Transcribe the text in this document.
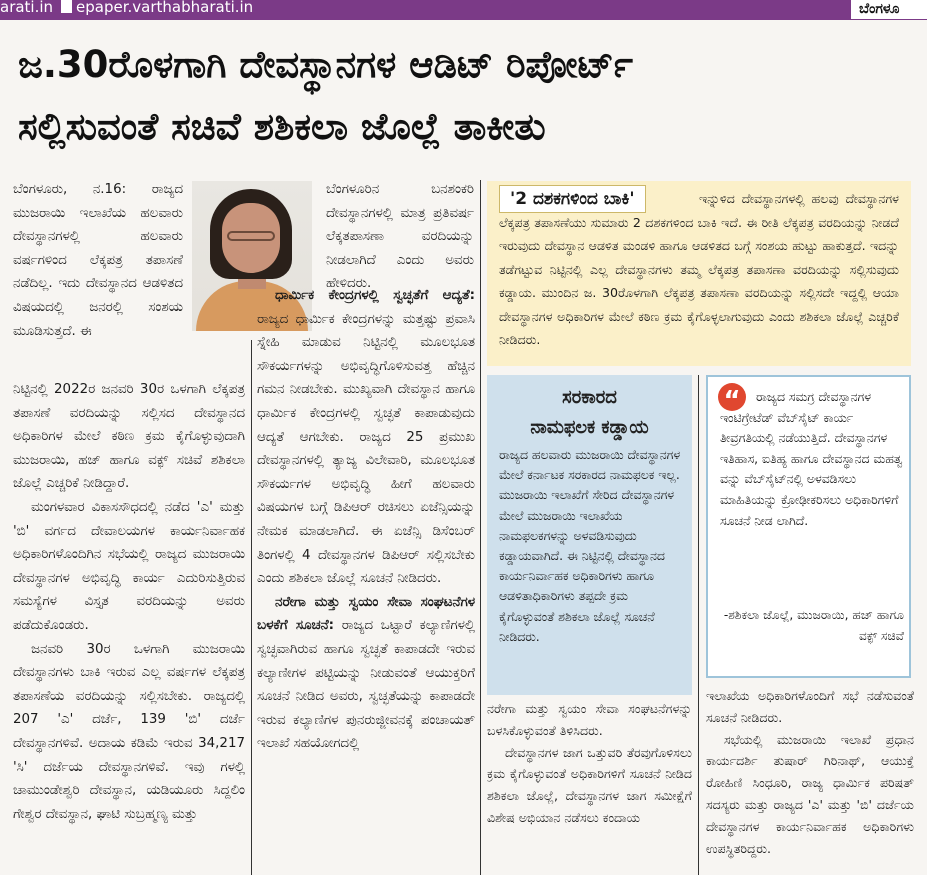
arati.in epaper.varthabharati.in	ಬೆಂಗಳೂ
ಜ.30ರೊಳಗಾಗಿ ದೇವಸ್ಥಾನಗಳ ಆಡಿಟ್ ರಿಪೋರ್ಟ್
ಸಲ್ಲಿಸುವಂತೆ ಸಚಿವೆ ಶಶಿಕಲಾ ಜೊಲ್ಲೆ ತಾಕೀತು

ಬೆಂಗಳೂರು, ನ.16: ರಾಜ್ಯದ ಮುಜರಾಯಿ ಇಲಾಖೆಯ ಹಲವಾರು ದೇವಸ್ಥಾನಗಳಲ್ಲಿ ಹಲವಾರು ವರ್ಷಗಳಿಂದ ಲೆಕ್ಕಪತ್ರ ತಪಾಸಣೆ ನಡೆದಿಲ್ಲ. ಇದು ದೇವಸ್ಥಾನದ ಆಡಳಿತದ ವಿಷಯದಲ್ಲಿ ಜನರಲ್ಲಿ ಸಂಶಯ ಮೂಡಿಸುತ್ತದೆ. ಈ

ನಿಟ್ಟಿನಲ್ಲಿ 2022ರ ಜನವರಿ 30ರ ಒಳಗಾಗಿ ಲೆಕ್ಕಪತ್ರ ತಪಾಸಣೆ ವರದಿಯನ್ನು ಸಲ್ಲಿಸದ ದೇವಸ್ಥಾನದ ಅಧಿಕಾರಿಗಳ ಮೇಲೆ ಕಠಿಣ ಕ್ರಮ ಕೈಗೊಳ್ಳುವುದಾಗಿ ಮುಜರಾಯಿ, ಹಜ್ ಹಾಗೂ ವಕ್ಫ್ ಸಚಿವೆ ಶಶಿಕಲಾ ಜೊಲ್ಲೆ ಎಚ್ಚರಿಕೆ ನೀಡಿದ್ದಾರೆ.

ಮಂಗಳವಾರ ವಿಕಾಸಸೌಧದಲ್ಲಿ ನಡೆದ 'ಎ' ಮತ್ತು 'ಬಿ' ವರ್ಗದ ದೇವಾಲಯಗಳ ಕಾರ್ಯನಿರ್ವಾಹಕ ಅಧಿಕಾರಿಗಳೊಂದಿಗಿನ ಸಭೆಯಲ್ಲಿ ರಾಜ್ಯದ ಮುಜರಾಯಿ ದೇವಸ್ಥಾನಗಳ ಅಭಿವೃದ್ಧಿ ಕಾರ್ಯ ಎದುರಿಸುತ್ತಿರುವ ಸಮಸ್ಯೆಗಳ ವಿಸ್ತೃತ ವರದಿಯನ್ನು ಅವರು ಪಡೆದುಕೊಂಡರು.

ಜನವರಿ 30ರ ಒಳಗಾಗಿ ಮುಜರಾಯಿ ದೇವಸ್ಥಾನಗಳು ಬಾಕಿ ಇರುವ ಎಲ್ಲ ವರ್ಷಗಳ ಲೆಕ್ಕಪತ್ರ ತಪಾಸಣೆಯ ವರದಿಯನ್ನು ಸಲ್ಲಿಸಬೇಕು. ರಾಜ್ಯದಲ್ಲಿ 207 'ಎ' ದರ್ಜೆ, 139 'ಬಿ' ದರ್ಜೆ ದೇವಸ್ಥಾನಗಳಿವೆ. ಅದಾಯ ಕಡಿಮೆ ಇರುವ 34,217 'ಸಿ' ದರ್ಜೆಯ ದೇವಸ್ಥಾನಗಳಿವೆ. ಇವು ಗಳಲ್ಲಿ ಚಾಮುಂಡೇಶ್ವರಿ ದೇವಸ್ಥಾನ, ಯಡಿಯೂರು ಸಿದ್ದಲಿಂ ಗೇಶ್ವರ ದೇವಸ್ಥಾನ, ಘಾಟಿ ಸುಬ್ರಹ್ಮಣ್ಯ ಮತ್ತು

ಬೆಂಗಳೂರಿನ ಬನಶಂಕರಿ ದೇವಸ್ಥಾನಗಳಲ್ಲಿ ಮಾತ್ರ ಪ್ರತಿವರ್ಷ ಲೆಕ್ಕತಪಾಸಣಾ ವರದಿಯನ್ನು ನೀಡಲಾಗಿದೆ ಎಂದು ಅವರು ಹೇಳಿದರು.

ಧಾರ್ಮಿಕ ಕೇಂದ್ರಗಳಲ್ಲಿ ಸ್ವಚ್ಛತೆಗೆ ಆದ್ಯತೆ: ರಾಜ್ಯದ ಧಾರ್ಮಿಕ ಕೇಂದ್ರಗಳನ್ನು ಮತ್ತಷ್ಟು ಪ್ರವಾಸಿ ಸ್ನೇಹಿ ಮಾಡುವ ನಿಟ್ಟಿನಲ್ಲಿ ಮೂಲಭೂತ ಸೌಕರ್ಯಗಳನ್ನು ಅಭಿವೃದ್ಧಿಗೊಳಿಸುವತ್ತ ಹೆಚ್ಚಿನ ಗಮನ ನೀಡಬೇಕು. ಮುಖ್ಯವಾಗಿ ದೇವಸ್ಥಾನ ಹಾಗೂ ಧಾರ್ಮಿಕ ಕೇಂದ್ರಗಳಲ್ಲಿ ಸ್ವಚ್ಛತೆ ಕಾಪಾಡುವುದು ಆದ್ಯತೆ ಆಗಬೇಕು. ರಾಜ್ಯದ 25 ಪ್ರಮುಖ ದೇವಸ್ಥಾನಗಳಲ್ಲಿ ತ್ಯಾಜ್ಯ ವಿಲೇವಾರಿ, ಮೂಲಭೂತ ಸೌಕರ್ಯಗಳ ಅಭಿವೃದ್ಧಿ ಹೀಗೆ ಹಲವಾರು ವಿಷಯಗಳ ಬಗ್ಗೆ ಡಿಪಿಆರ್ ರಚಿಸಲು ಏಜೆನ್ಸಿಯನ್ನು ನೇಮಕ ಮಾಡಲಾಗಿದೆ. ಈ ಏಜೆನ್ಸಿ ಡಿಸೆಂಬರ್ ತಿಂಗಳಲ್ಲಿ 4 ದೇವಸ್ಥಾನಗಳ ಡಿಪಿಆರ್ ಸಲ್ಲಿಸಬೇಕು ಎಂದು ಶಶಿಕಲಾ ಜೊಲ್ಲೆ ಸೂಚನೆ ನೀಡಿದರು.

ನರೇಗಾ ಮತ್ತು ಸ್ವಯಂ ಸೇವಾ ಸಂಘಟನೆಗಳ ಬಳಕೆಗೆ ಸೂಚನೆ: ರಾಜ್ಯದ ಒಟ್ಟಾರೆ ಕಲ್ಯಾಣಿಗಳಲ್ಲಿ ಸ್ವಚ್ಛವಾಗಿರುವ ಹಾಗೂ ಸ್ವಚ್ಛತೆ ಕಾಪಾಡದೇ ಇರುವ ಕಲ್ಯಾಣೀಗಳ ಪಟ್ಟಿಯನ್ನು ನೀಡುವಂತೆ ಆಯುಕ್ತರಿಗೆ ಸೂಚನೆ ನೀಡಿದ ಅವರು, ಸ್ವಚ್ಛತೆಯನ್ನು ಕಾಪಾಡದೇ ಇರುವ ಕಲ್ಯಾಣಿಗಳ ಪುನರುಜ್ಜೀವನಕ್ಕೆ ಪಂಚಾಯತ್ ಇಲಾಖೆ ಸಹಯೋಗದಲ್ಲಿ

ಇನ್ನುಳಿದ ದೇವಸ್ಥಾನಗಳಲ್ಲಿ ಹಲವು ದೇವಸ್ಥಾನಗಳ ಲೆಕ್ಕಪತ್ರ ತಪಾಸಣೆಯು ಸುಮಾರು 2 ದಶಕಗಳಿಂದ ಬಾಕಿ ಇದೆ. ಈ ರೀತಿ ಲೆಕ್ಕಪತ್ರ ವರದಿಯನ್ನು ನೀಡದೆ ಇರುವುದು ದೇವಸ್ಥಾನ ಆಡಳಿತ ಮಂಡಳಿ ಹಾಗೂ ಆಡಳಿತದ ಬಗ್ಗೆ ಸಂಶಯ ಹುಟ್ಟು ಹಾಕುತ್ತದೆ. ಇದನ್ನು ತಡೆಗಟ್ಟುವ ನಿಟ್ಟಿನಲ್ಲಿ ಎಲ್ಲ ದೇವಸ್ಥಾನಗಳು ತಮ್ಮ ಲೆಕ್ಕಪತ್ರ ತಪಾಸಣಾ ವರದಿಯನ್ನು ಸಲ್ಲಿಸುವುದು ಕಡ್ಡಾಯ. ಮುಂದಿನ ಜ. 30ರೊಳಗಾಗಿ ಲೆಕ್ಕಪತ್ರ ತಪಾಸಣಾ ವರದಿಯನ್ನು ಸಲ್ಲಿಸದೇ ಇದ್ದಲ್ಲಿ ಆಯಾ ದೇವಸ್ಥಾನಗಳ ಅಧಿಕಾರಿಗಳ ಮೇಲೆ ಕಠಿಣ ಕ್ರಮ ಕೈಗೊಳ್ಳಲಾಗುವುದು ಎಂದು ಶಶಿಕಲಾ ಜೊಲ್ಲೆ ಎಚ್ಚರಿಕೆ ನೀಡಿದರು.
'2 ದಶಕಗಳಿಂದ ಬಾಕಿ'
ಸರಕಾರದ
ನಾಮಫಲಕ ಕಡ್ಡಾಯ
ರಾಜ್ಯದ ಹಲವಾರು ಮುಜರಾಯಿ ದೇವಸ್ಥಾನಗಳ ಮೇಲೆ ಕರ್ನಾಟಕ ಸರಕಾರದ ನಾಮಫಲಕ ಇಲ್ಲ. ಮುಜರಾಯಿ ಇಲಾಖೆಗೆ ಸೇರಿದ ದೇವಸ್ಥಾನಗಳ ಮೇಲೆ ಮುಜರಾಯಿ ಇಲಾಖೆಯ ನಾಮಫಲಕಗಳನ್ನು ಅಳವಡಿಸುವುದು ಕಡ್ಡಾಯವಾಗಿದೆ. ಈ ನಿಟ್ಟಿನಲ್ಲಿ ದೇವಸ್ಥಾನದ ಕಾರ್ಯನಿರ್ವಾಹಕ ಅಧಿಕಾರಿಗಳು ಹಾಗೂ ಆಡಳಿತಾಧಿಕಾರಿಗಳು ತಪ್ಪದೇ ಕ್ರಮ ಕೈಗೊಳ್ಳುವಂತೆ ಶಶಿಕಲಾ ಜೊಲ್ಲೆ ಸೂಚನೆ ನೀಡಿದರು.
“	ರಾಜ್ಯದ ಸಮಗ್ರ ದೇವಸ್ಥಾನಗಳ ಇಂಟಿಗ್ರೇಟೆಡ್ ವೆಬ್‌ಸೈಟ್ ಕಾರ್ಯ ತೀವ್ರಗತಿಯಲ್ಲಿ ನಡೆಯುತ್ತಿದೆ. ದೇವಸ್ಥಾನಗಳ ಇತಿಹಾಸ, ಐತಿಹ್ಯ ಹಾಗೂ ದೇವಸ್ಥಾನದ ಮಹತ್ವ ವನ್ನು ವೆಬ್‌ಸೈಟ್‌ನಲ್ಲಿ ಅಳವಡಿಸಲು ಮಾಹಿತಿಯನ್ನು ಕ್ರೋಢೀಕರಿಸಲು ಅಧಿಕಾರಿಗಳಿಗೆ ಸೂಚನೆ ನೀಡ ಲಾಗಿದೆ.
-ಶಶಿಕಲಾ ಜೊಲ್ಲೆ, ಮುಜರಾಯಿ, ಹಜ್ ಹಾಗೂ ವಕ್ಫ್ ಸಚಿವೆ

ನರೇಗಾ ಮತ್ತು ಸ್ವಯಂ ಸೇವಾ ಸಂಘಟನೆಗಳನ್ನು ಬಳಸಿಕೊಳ್ಳುವಂತೆ ತಿಳಿಸಿದರು.

ದೇವಸ್ಥಾನಗಳ ಜಾಗ ಒತ್ತುವರಿ ತೆರವುಗೊಳಿಸಲು ಕ್ರಮ ಕೈಗೊಳ್ಳುವಂತೆ ಅಧಿಕಾರಿಗಳಿಗೆ ಸೂಚನೆ ನೀಡಿದ ಶಶಿಕಲಾ ಜೊಲ್ಲೆ, ದೇವಸ್ಥಾನಗಳ ಜಾಗ ಸಮೀಕ್ಷೆಗೆ ವಿಶೇಷ ಅಭಿಯಾನ ನಡೆಸಲು ಕಂದಾಯ

ಇಲಾಖೆಯ ಅಧಿಕಾರಿಗಳೊಂದಿಗೆ ಸಭೆ ನಡೆಸುವಂತೆ ಸೂಚನೆ ನೀಡಿದರು.

ಸಭೆಯಲ್ಲಿ ಮುಜರಾಯಿ ಇಲಾಖೆ ಪ್ರಧಾನ ಕಾರ್ಯದರ್ಶಿ ತುಷಾರ್ ಗಿರಿನಾಥ್, ಆಯುಕ್ತೆ ರೋಹಿಣಿ ಸಿಂಧೂರಿ, ರಾಜ್ಯ ಧಾರ್ಮಿಕ ಪರಿಷತ್ ಸದಸ್ಯರು ಮತ್ತು ರಾಜ್ಯದ 'ಎ' ಮತ್ತು 'ಬಿ' ದರ್ಜೆಯ ದೇವಸ್ಥಾನಗಳ ಕಾರ್ಯನಿರ್ವಾಹಕ ಅಧಿಕಾರಿಗಳು ಉಪಸ್ಥಿತರಿದ್ದರು.
